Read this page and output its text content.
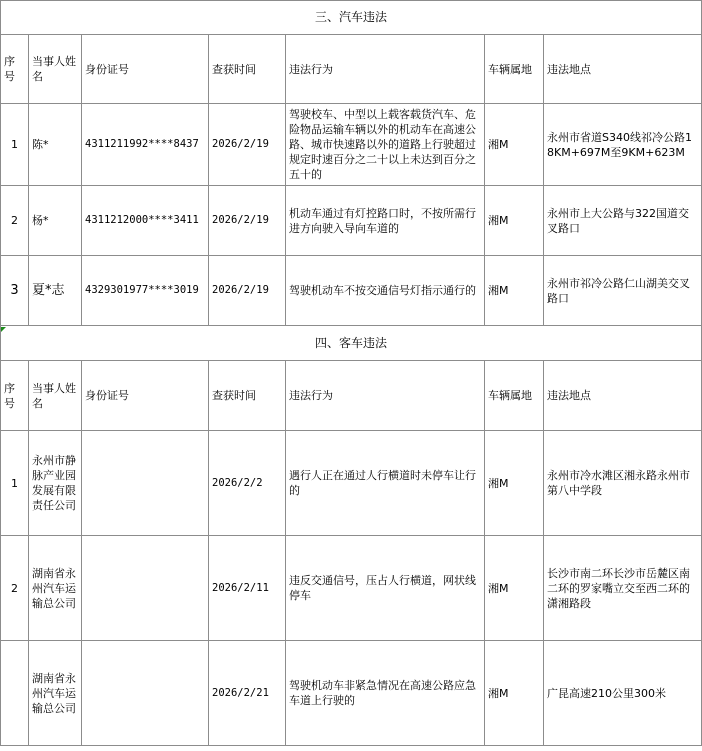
三、汽车违法						
序号	当事人姓名	身份证号	查获时间	违法行为	车辆属地	违法地点
1	陈*	4311211992****8437	2026/2/19	驾驶校车、中型以上载客载货汽车、危险物品运输车辆以外的机动车在高速公路、城市快速路以外的道路上行驶超过规定时速百分之二十以上未达到百分之五十的	湘M	永州市省道S340线祁冷公路18KM+697M至9KM+623M
2	杨*	4311212000****3411	2026/2/19	机动车通过有灯控路口时，不按所需行进方向驶入导向车道的	湘M	永州市上大公路与322国道交叉路口
3	夏*志	4329301977****3019	2026/2/19	驾驶机动车不按交通信号灯指示通行的	湘M	永州市祁冷公路仁山湖美交叉路口
四、客车违法						
序号	当事人姓名	身份证号	查获时间	违法行为	车辆属地	违法地点
1	永州市静脉产业园发展有限责任公司		2026/2/2	遇行人正在通过人行横道时未停车让行的	湘M	永州市冷水滩区湘永路永州市第八中学段
2	湖南省永州汽车运输总公司		2026/2/11	违反交通信号，压占人行横道，网状线停车	湘M	长沙市南二环长沙市岳麓区南二环的罗家嘴立交至西二环的潇湘路段
	湖南省永州汽车运输总公司		2026/2/21	驾驶机动车非紧急情况在高速公路应急车道上行驶的	湘M	广昆高速210公里300米
